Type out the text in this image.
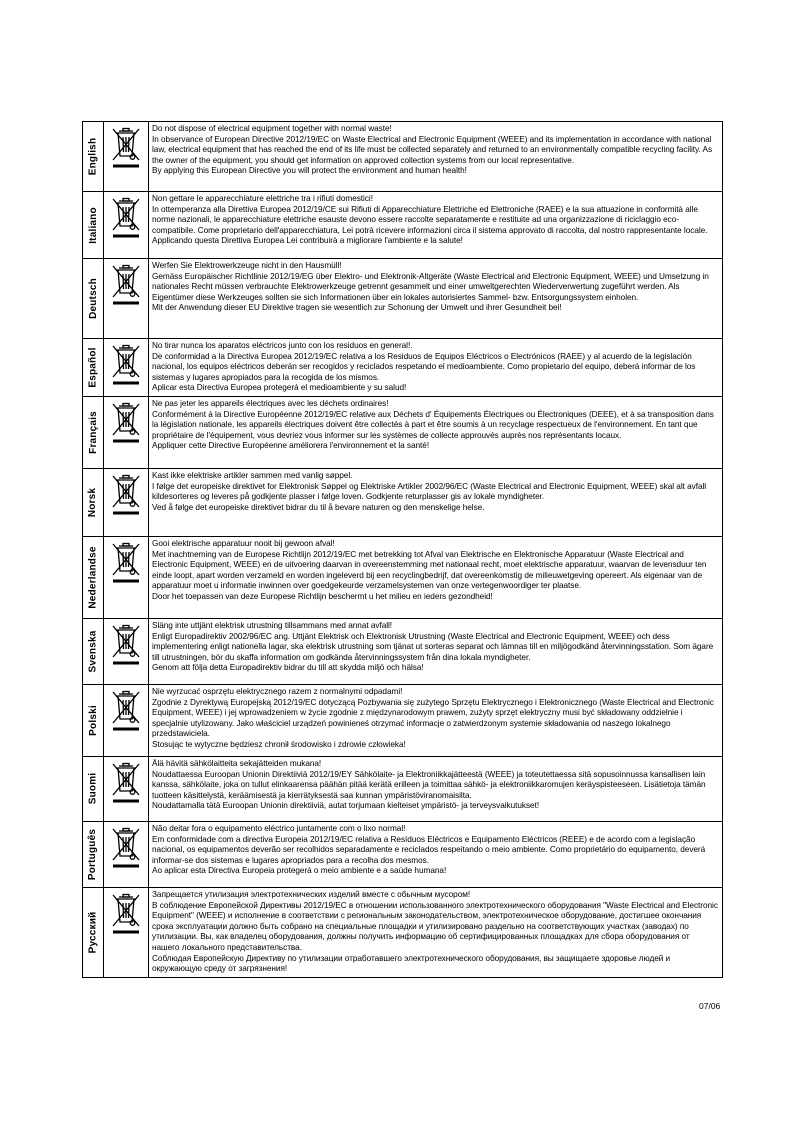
English		Do not dispose of electrical equipment together with normal waste!

In observance of European Directive 2012/19/EC on Waste Electrical and Electronic Equipment (WEEE) and its implementation in accordance with national law, electrical equipment that has reached the end of its life must be collected separately and returned to an environmentally compatible recycling facility. As the owner of the equipment, you should get information on approved collection systems from our local representative.

By applying this European Directive you will protect the environment and human health!

Italiano		Non gettare le apparecchiature elettriche tra i rifiuti domestici!

In ottemperanza alla Direttiva Europea 2012/19/CE sui Rifiuti di Apparecchiature Elettriche ed Elettroniche (RAEE) e la sua attuazione in conformità alle norme nazionali, le apparecchiature elettriche esauste devono essere raccolte separatamente e restituite ad una organizzazione di riciclaggio eco-compatibile. Come proprietario dell'apparecchiatura, Lei potrà ricevere informazioni circa il sistema approvato di raccolta, dal nostro rappresentante locale.

Applicando questa Direttiva Europea Lei contribuirà a migliorare l'ambiente e la salute!

Deutsch		Werfen Sie Elektrowerkzeuge nicht in den Hausmüll!

Gemäss Europäischer Richtlinie 2012/19/EG über Elektro- und Elektronik-Altgeräte (Waste Electrical and Electronic Equipment, WEEE) und Umsetzung in nationales Recht müssen verbrauchte Elektrowerkzeuge getrennt gesammelt und einer umweltgerechten Wiederverwertung zugeführt werden. Als Eigentümer diese Werkzeuges sollten sie sich Informationen über ein lokales autorisiertes Sammel- bzw. Entsorgungssystem einholen.

Mit der Anwendung dieser EU Direktive tragen sie wesentlich zur Schonung der Umwelt und ihrer Gesundheit bei!

Español		No tirar nunca los aparatos eléctricos junto con los residuos en general!.

De conformidad a la Directiva Europea 2012/19/EC relativa a los Residuos de Equipos Eléctricos o Electrónicos (RAEE) y al acuerdo de la legislación nacional, los equipos eléctricos deberán ser recogidos y reciclados respetando el medioambiente. Como propietario del equipo, deberá informar de los sistemas y lugares apropiados para la recogida de los mismos.

Aplicar esta Directiva Europea protegerá el medioambiente y su salud!

Français		Ne pas jeter les appareils électriques avec les déchets ordinaires!

Conformément à la Directive Européenne 2012/19/EC relative aux Déchets d' Équipements Électriques ou Électroniques (DEEE), et à sa transposition dans la législation nationale, les appareils électriques doivent être collectés à part et être soumis à un recyclage respectueux de l'environnement. En tant que propriétaire de l'équipement, vous devriez vous informer sur les systèmes de collecte approuvés auprès nos représentants locaux.

Appliquer cette Directive Européenne améliorera l'environnement et la santé!

Norsk		Kast ikke elektriske artikler sammen med vanlig søppel.

I følge det europeiske direktivet for Elektronisk Søppel og Elektriske Artikler 2002/96/EC (Waste Electrical and Electronic Equipment, WEEE) skal alt avfall kildesorteres og leveres på godkjente plasser i følge loven. Godkjente returplasser gis av lokale myndigheter.

Ved å følge det europeiske direktivet bidrar du til å bevare naturen og den menskelige helse.

Nederlandse		Gooi elektrische apparatuur nooit bij gewoon afval!

Met inachtneming van de Europese Richtlijn 2012/19/EC met betrekking tot Afval van Elektrische en Elektronische Apparatuur (Waste Electrical and Electronic Equipment, WEEE) en de uitvoering daarvan in overeenstemming met nationaal recht, moet elektrische apparatuur, waarvan de levensduur ten einde loopt, apart worden verzameld en worden ingeleverd bij een recyclingbedrijf, dat overeenkomstig de milieuwetgeving opereert. Als eigenaar van de apparatuur moet u informatie inwinnen over goedgekeurde verzamelsystemen van onze vertegenwoordiger ter plaatse.

Door het toepassen van deze Europese Richtlijn beschermt u het milieu en ieders gezondheid!

Svenska		Släng inte uttjänt elektrisk utrustning tillsammans med annat avfall!

Enligt Europadirektiv 2002/96/EC ang. Uttjänt Elektrisk och Elektronisk Utrustning (Waste Electrical and Electronic Equipment, WEEE) och dess implementering enligt nationella lagar, ska elektrisk utrustning som tjänat ut sorteras separat och lämnas till en miljögodkänd återvinningsstation. Som ägare till utrustningen, bör du skaffa information om godkända återvinningssystem från dina lokala myndigheter.

Genom att följa detta Europadirektiv bidrar du till att skydda miljö och hälsa!

Polski		Nie wyrzucać osprzętu elektrycznego razem z normalnymi odpadami!

Zgodnie z Dyrektywą Europejską 2012/19/EC dotyczącą Pozbywania się zużytego Sprzętu Elektrycznego i Elektronicznego (Waste Electrical and Electronic Equipment, WEEE) i jej wprowadzeniem w życie zgodnie z międzynarodowym prawem, zużyty sprzęt elektryczny musi być składowany oddzielnie i specjalnie utylizowany. Jako właściciel urządzeń powinieneś otrzymać informacje o zatwierdzonym systemie składowania od naszego lokalnego przedstawiciela.

Stosując te wytyczne będziesz chronił środowisko i zdrowie człowieka!

Suomi		Älä hävitä sähkölaitteita sekajätteiden mukana!

Noudattaessa Euroopan Unionin Direktiiviä 2012/19/EY Sähkölaite- ja Elektroniikkajätteestä (WEEE) ja toteutettaessa sitä sopusoinnussa kansallisen lain kanssa, sähkölaite, joka on tullut elinkaarensa päähän pitää kerätä erilleen ja toimittaa sähkö- ja elektroniikkaromujen keräyspisteeseen. Lisätietoja tämän tuotteen käsittelystä, keräämisestä ja kierrätyksestä saa kunnan ympäristöviranomaisilta.

Noudattamalla tätä Euroopan Unionin direktiiviä, autat torjumaan kielteiset ympäristö- ja terveysvaikutukset!

Português		Não deitar fora o equipamento eléctrico juntamente com o lixo normal!

Em conformidade com a directiva Europeia 2012/19/EC relativa a Resíduos Eléctricos e Equipamento Eléctricos (REEE) e de acordo com a legislação nacional, os equipamentos deverão ser recolhidos separadamente e reciclados respeitando o meio ambiente. Como proprietário do equipamento, deverá informar-se dos sistemas e lugares apropriados para a recolha dos mesmos.

Ao aplicar esta Directiva Europeia protegerá o meio ambiente e a saúde humana!

Русский		Запрещается утилизация электротехнических изделий вместе с обычным мусором!

В соблюдение Европейской Директивы 2012/19/EC в отношении использованного электротехнического оборудования "Waste Electrical and Electronic Equipment" (WEEE) и исполнение в соответствии с региональным законодательством, электротехническое оборудование, достигшее окончания срока эксплуатации должно быть собрано на специальные площадки и утилизировано раздельно на соответствующих участках (заводах) по утилизации. Вы, как владелец оборудования, должны получить информацию об сертифицированных площадках для сбора оборудования от нашего локального представительства.

Соблюдая Европейскую Директиву по утилизации отработавшего электротехнического оборудования, вы защищаете здоровье людей и окружающую среду от загрязнения!

07/06
